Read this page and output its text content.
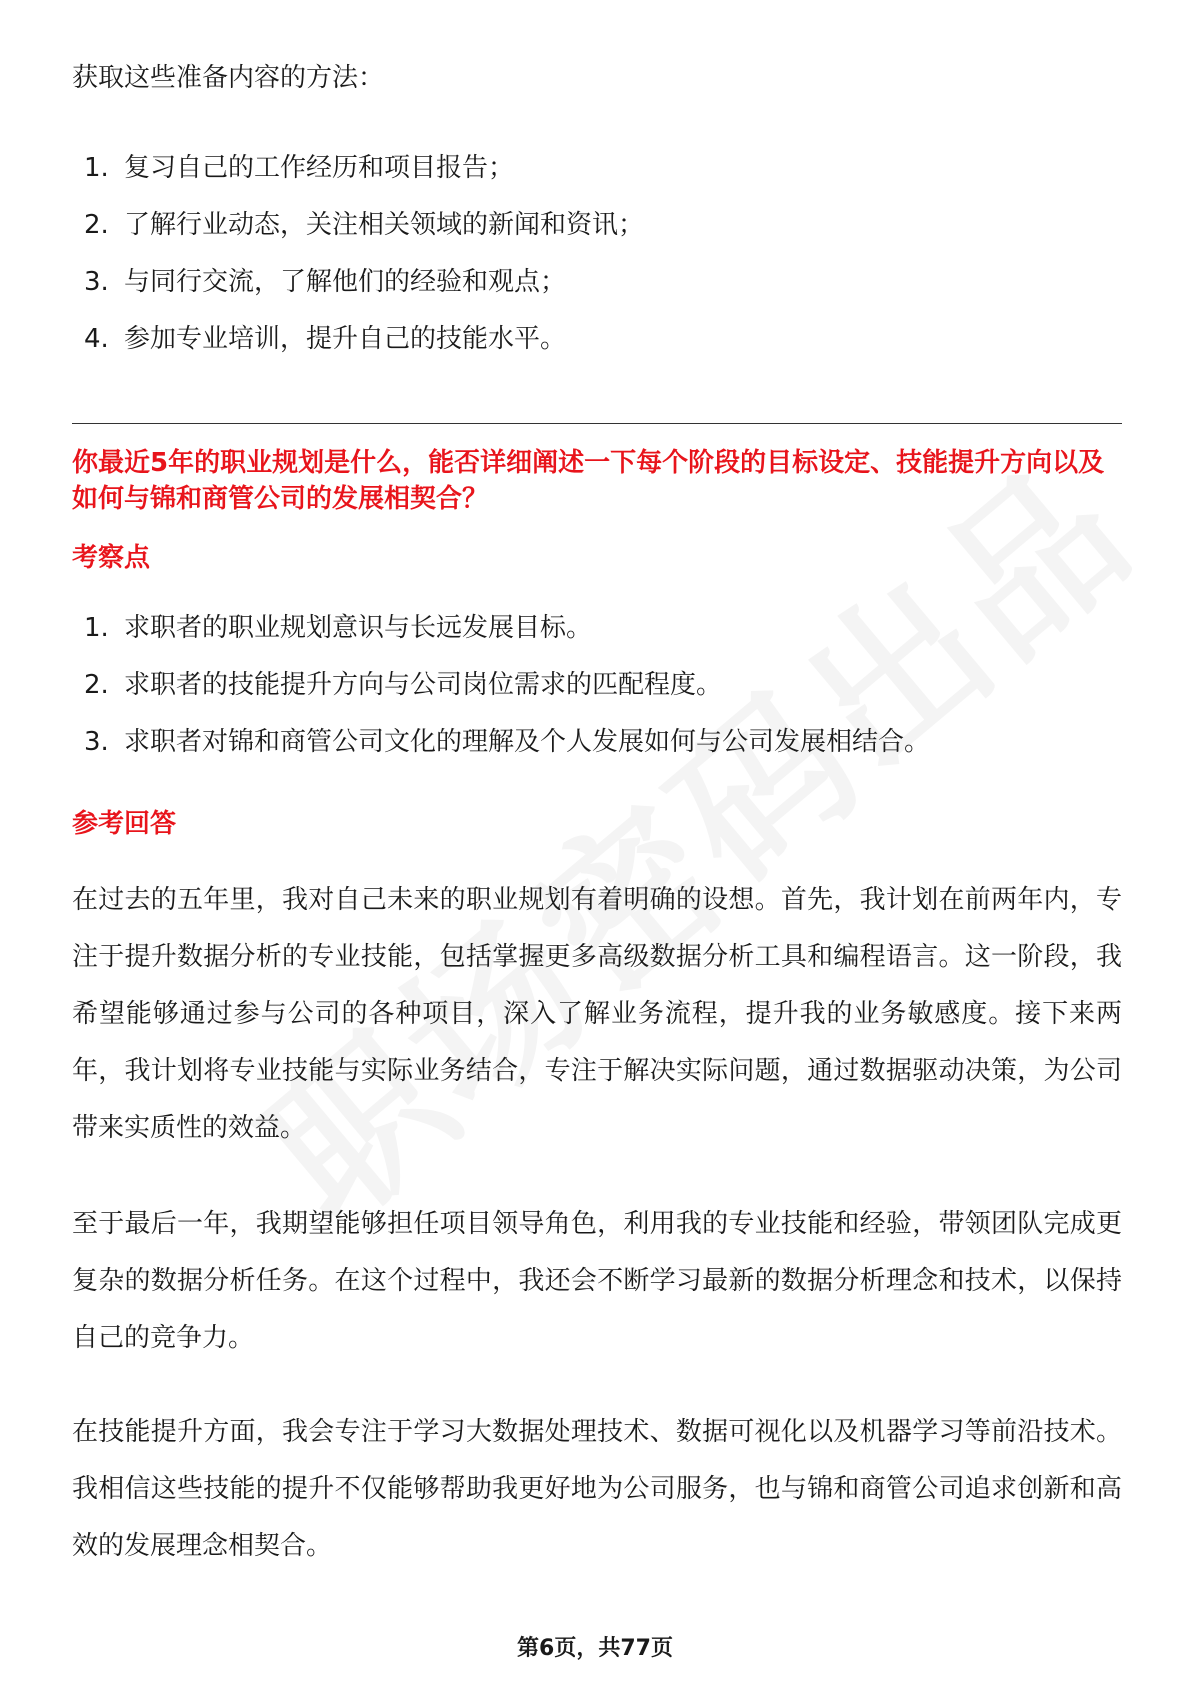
获取这些准备内容的方法：
1. 复习自己的工作经历和项目报告；
2. 了解行业动态，关注相关领域的新闻和资讯；
3. 与同行交流，了解他们的经验和观点；
4. 参加专业培训，提升自己的技能水平。
你最近5年的职业规划是什么，能否详细阐述一下每个阶段的目标设定、技能提升方向以及如何与锦和商管公司的发展相契合？
考察点
1. 求职者的职业规划意识与长远发展目标。
2. 求职者的技能提升方向与公司岗位需求的匹配程度。
3. 求职者对锦和商管公司文化的理解及个人发展如何与公司发展相结合。
参考回答
在过去的五年里，我对自己未来的职业规划有着明确的设想。首先，我计划在前两年内，专注于提升数据分析的专业技能，包括掌握更多高级数据分析工具和编程语言。这一阶段，我希望能够通过参与公司的各种项目，深入了解业务流程，提升我的业务敏感度。接下来两年，我计划将专业技能与实际业务结合，专注于解决实际问题，通过数据驱动决策，为公司带来实质性的效益。
至于最后一年，我期望能够担任项目领导角色，利用我的专业技能和经验，带领团队完成更复杂的数据分析任务。在这个过程中，我还会不断学习最新的数据分析理念和技术，以保持自己的竞争力。
在技能提升方面，我会专注于学习大数据处理技术、数据可视化以及机器学习等前沿技术。我相信这些技能的提升不仅能够帮助我更好地为公司服务，也与锦和商管公司追求创新和高效的发展理念相契合。
第6页，共77页
